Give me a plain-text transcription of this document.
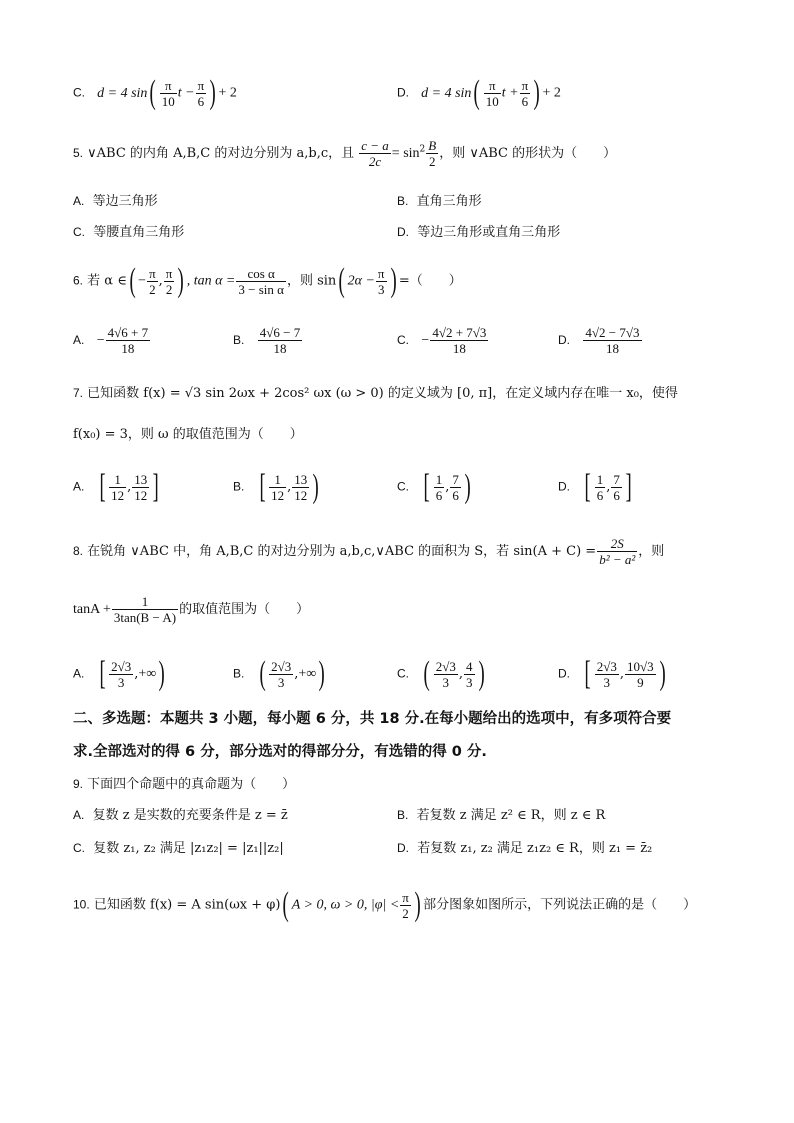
C. d = 4 $\sin( \frac{\pi}{10}$ $t - \frac{\pi}{6}$ ) + 2	D. d = 4 $\sin( \frac{\pi}{10}$ $t + \frac{\pi}{6}$ ) + 2
5. ∨ABC 的内角 A,B,C 的对边分别为 a,b,c，且 $\frac{c - a}{2c} = \sin^2 \frac{B}{2}$ ，则 ∨ABC 的形状为（　　）
A. 等边三角形	B. 直角三角形
C. 等腰直角三角形	D. 等边三角形或直角三角形
6. 若 α ∈( − $\frac{\pi}{2}$ , $\frac{\pi}{2}$ ) , $\tan \alpha = \frac{\text{cos α}}{\text{3 − sin α}}$ ，则 sin( $2\alpha - \frac{\pi}{3}$ ) =（　　）
A. − $\frac{4√6 + 7}{18}$	B. $\frac{4√6 - 7}{18}$	C. − $\frac{4√2 + 7√3}{18}$	D. $\frac{4√2 - 7√3}{18}$
7. 已知函数 f(x) = √3 sin 2ωx + 2cos² ωx (ω > 0) 的定义域为 [0, π]，在定义域内存在唯一 x₀，使得
f(x₀) = 3，则 ω 的取值范围为（　　）
A. [ $\frac{1}{12}$ , $\frac{13}{12}$ ]	B. [ $\frac{1}{12}$ , $\frac{13}{12}$ )	C. [ $\frac{1}{6}$ , $\frac{7}{6}$ )	D. [ $\frac{1}{6}$ , $\frac{7}{6}$ ]
8. 在锐角 ∨ABC 中，角 A,B,C 的对边分别为 a,b,c,∨ABC 的面积为 S，若 $\sin(A + C) = \frac{2S}{\text{b² − a²}}$ ，则
$\tan A + \frac{1}{3\tan(B - A)}$ 的取值范围为（　　）
A. [ $\frac{2√3}{3}$ ,+∞)	B. ( $\frac{2√3}{3}$ ,+∞)	C. ( $\frac{2√3}{3}$ , $\frac{4}{3}$ )	D. [ $\frac{2√3}{3}$ , $\frac{10√3}{9}$ )
二、多选题：本题共 3 小题，每小题 6 分，共 18 分.在每小题给出的选项中，有多项符合要
求.全部选对的得 6 分，部分选对的得部分分，有选错的得 0 分.
9. 下面四个命题中的真命题为（　　）
A. 复数 z 是实数的充要条件是 z = z̄	B. 若复数 z 满足 z² ∈ R，则 z ∈ R
C. 复数 z₁, z₂ 满足 |z₁z₂| = |z₁||z₂|	D. 若复数 z₁, z₂ 满足 z₁z₂ ∈ R，则 z₁ = z̄₂
10. 已知函数 f(x) = A sin(ωx + φ)( A > 0, ω > 0, $|\varphi| < \frac{\pi}{2}$ ) 部分图象如图所示，下列说法正确的是（　　）
